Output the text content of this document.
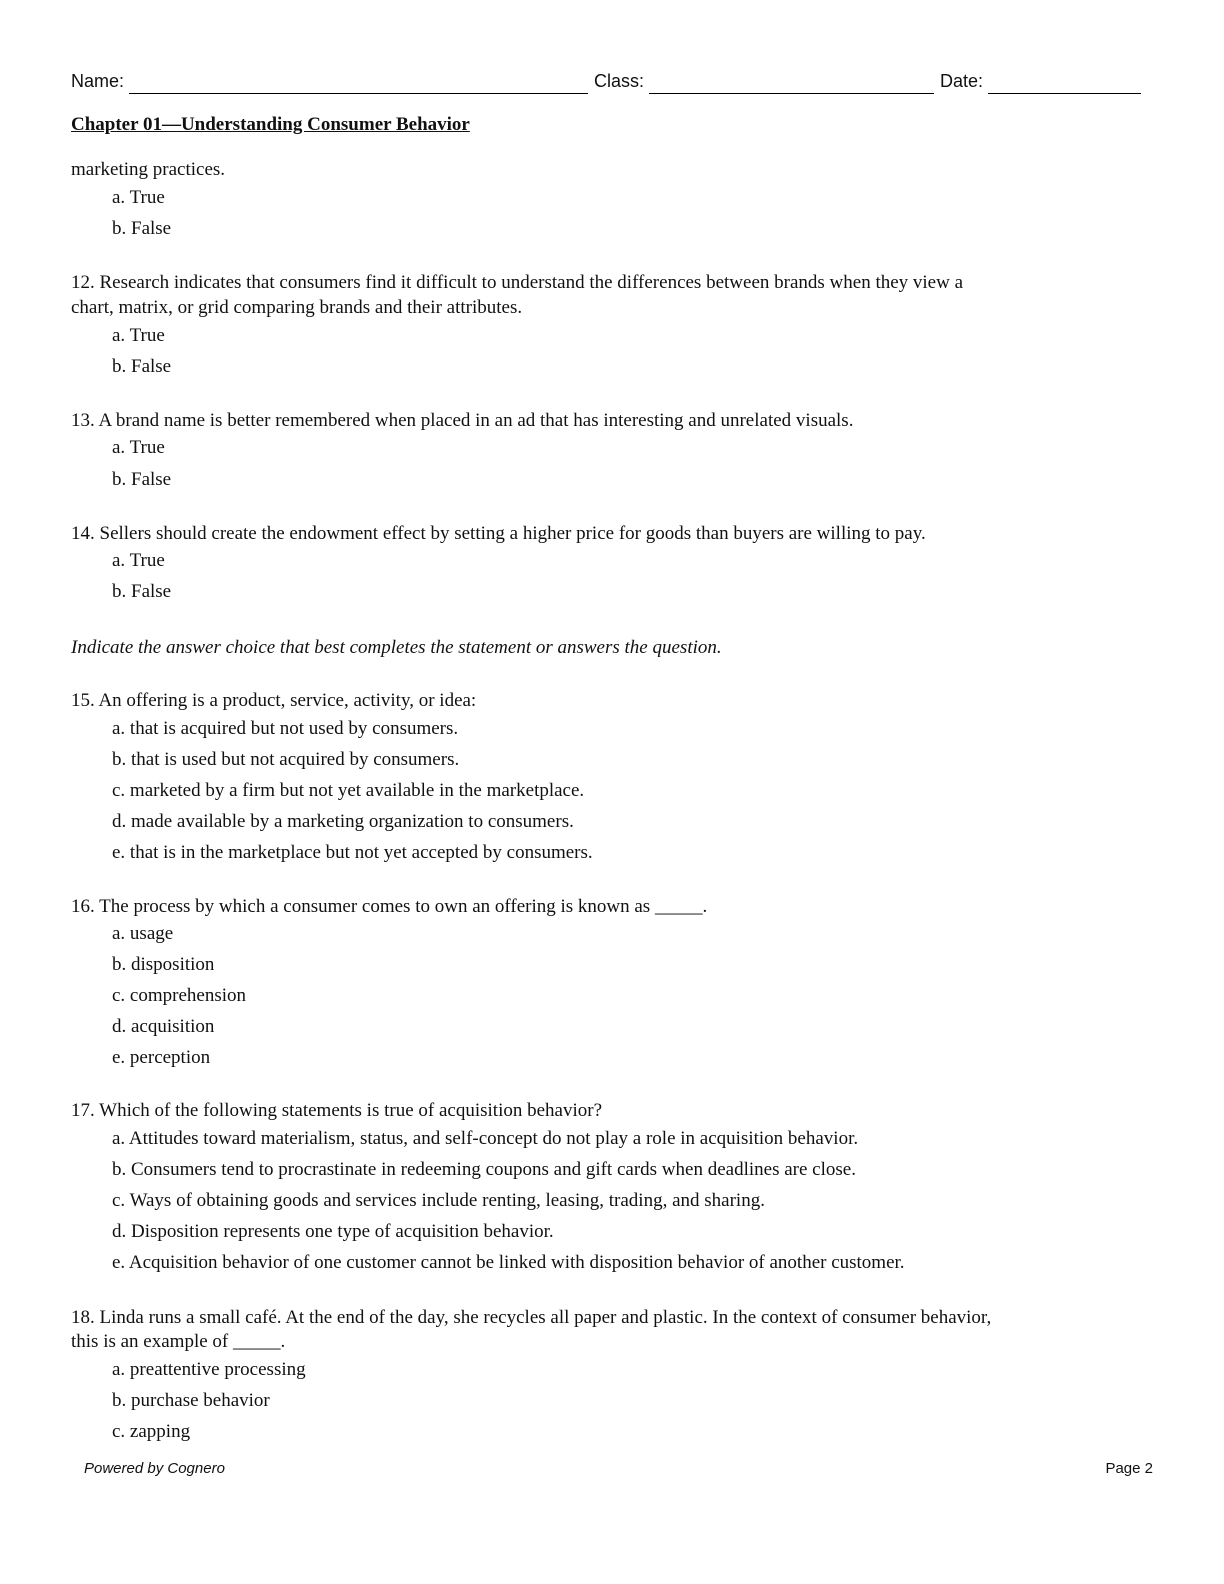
Name:	Class:	Date:
Chapter 01—Understanding Consumer Behavior
marketing practices.
a. True
b. False
12. Research indicates that consumers find it difficult to understand the differences between brands when they view a
chart, matrix, or grid comparing brands and their attributes.
a. True
b. False
13. A brand name is better remembered when placed in an ad that has interesting and unrelated visuals.
a. True
b. False
14. Sellers should create the endowment effect by setting a higher price for goods than buyers are willing to pay.
a. True
b. False
Indicate the answer choice that best completes the statement or answers the question.
15. An offering is a product, service, activity, or idea:
a. that is acquired but not used by consumers.
b. that is used but not acquired by consumers.
c. marketed by a firm but not yet available in the marketplace.
d. made available by a marketing organization to consumers.
e. that is in the marketplace but not yet accepted by consumers.
16. The process by which a consumer comes to own an offering is known as _____.
a. usage
b. disposition
c. comprehension
d. acquisition
e. perception
17. Which of the following statements is true of acquisition behavior?
a. Attitudes toward materialism, status, and self-concept do not play a role in acquisition behavior.
b. Consumers tend to procrastinate in redeeming coupons and gift cards when deadlines are close.
c. Ways of obtaining goods and services include renting, leasing, trading, and sharing.
d. Disposition represents one type of acquisition behavior.
e. Acquisition behavior of one customer cannot be linked with disposition behavior of another customer.
18. Linda runs a small café. At the end of the day, she recycles all paper and plastic. In the context of consumer behavior,
this is an example of _____.
a. preattentive processing
b. purchase behavior
c. zapping
Powered by Cognero	Page 2
